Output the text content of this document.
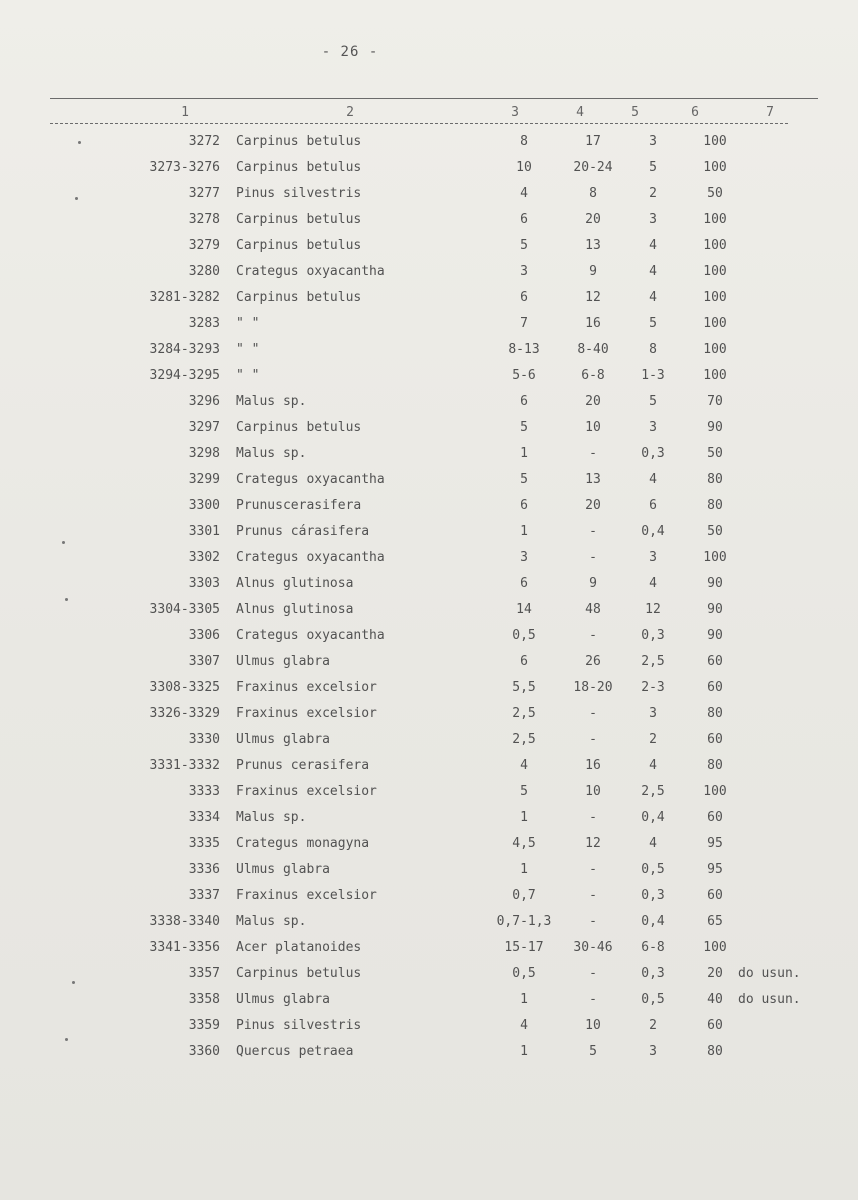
- 26 -
1	2	3	4	5	6	7
3272 Carpinus betulus	8	17	3	100
3273-3276 Carpinus betulus	10	20-24	5	100
3277 Pinus silvestris	4	8	2	50
3278 Carpinus betulus	6	20	3	100
3279 Carpinus betulus	5	13	4	100
3280 Crategus oxyacantha	3	9	4	100
3281-3282 Carpinus betulus	6	12	4	100
3283 " "	7	16	5	100
3284-3293 " "	8-13	8-40	8	100
3294-3295 " "	5-6	6-8	1-3	100
3296 Malus sp.	6	20	5	70
3297 Carpinus betulus	5	10	3	90
3298 Malus sp.	1	-	0,3	50
3299 Crategus oxyacantha	5	13	4	80
3300 Prunuscerasifera	6	20	6	80
3301 Prunus cárasifera	1	-	0,4	50
3302 Crategus oxyacantha	3	-	3	100
3303 Alnus glutinosa	6	9	4	90
3304-3305 Alnus glutinosa	14	48	12	90
3306 Crategus oxyacantha	0,5	-	0,3	90
3307 Ulmus glabra	6	26	2,5	60
3308-3325 Fraxinus excelsior	5,5	18-20	2-3	60
3326-3329 Fraxinus excelsior	2,5	-	3	80
3330 Ulmus glabra	2,5	-	2	60
3331-3332 Prunus cerasifera	4	16	4	80
3333 Fraxinus excelsior	5	10	2,5	100
3334 Malus sp.	1	-	0,4	60
3335 Crategus monagyna	4,5	12	4	95
3336 Ulmus glabra	1	-	0,5	95
3337 Fraxinus excelsior	0,7	-	0,3	60
3338-3340 Malus sp.	0,7-1,3	-	0,4	65
3341-3356 Acer platanoides	15-17	30-46	6-8	100
3357 Carpinus betulus	0,5	-	0,3	20	do usun.
3358 Ulmus glabra	1	-	0,5	40	do usun.
3359 Pinus silvestris	4	10	2	60
3360 Quercus petraea	1	5	3	80
